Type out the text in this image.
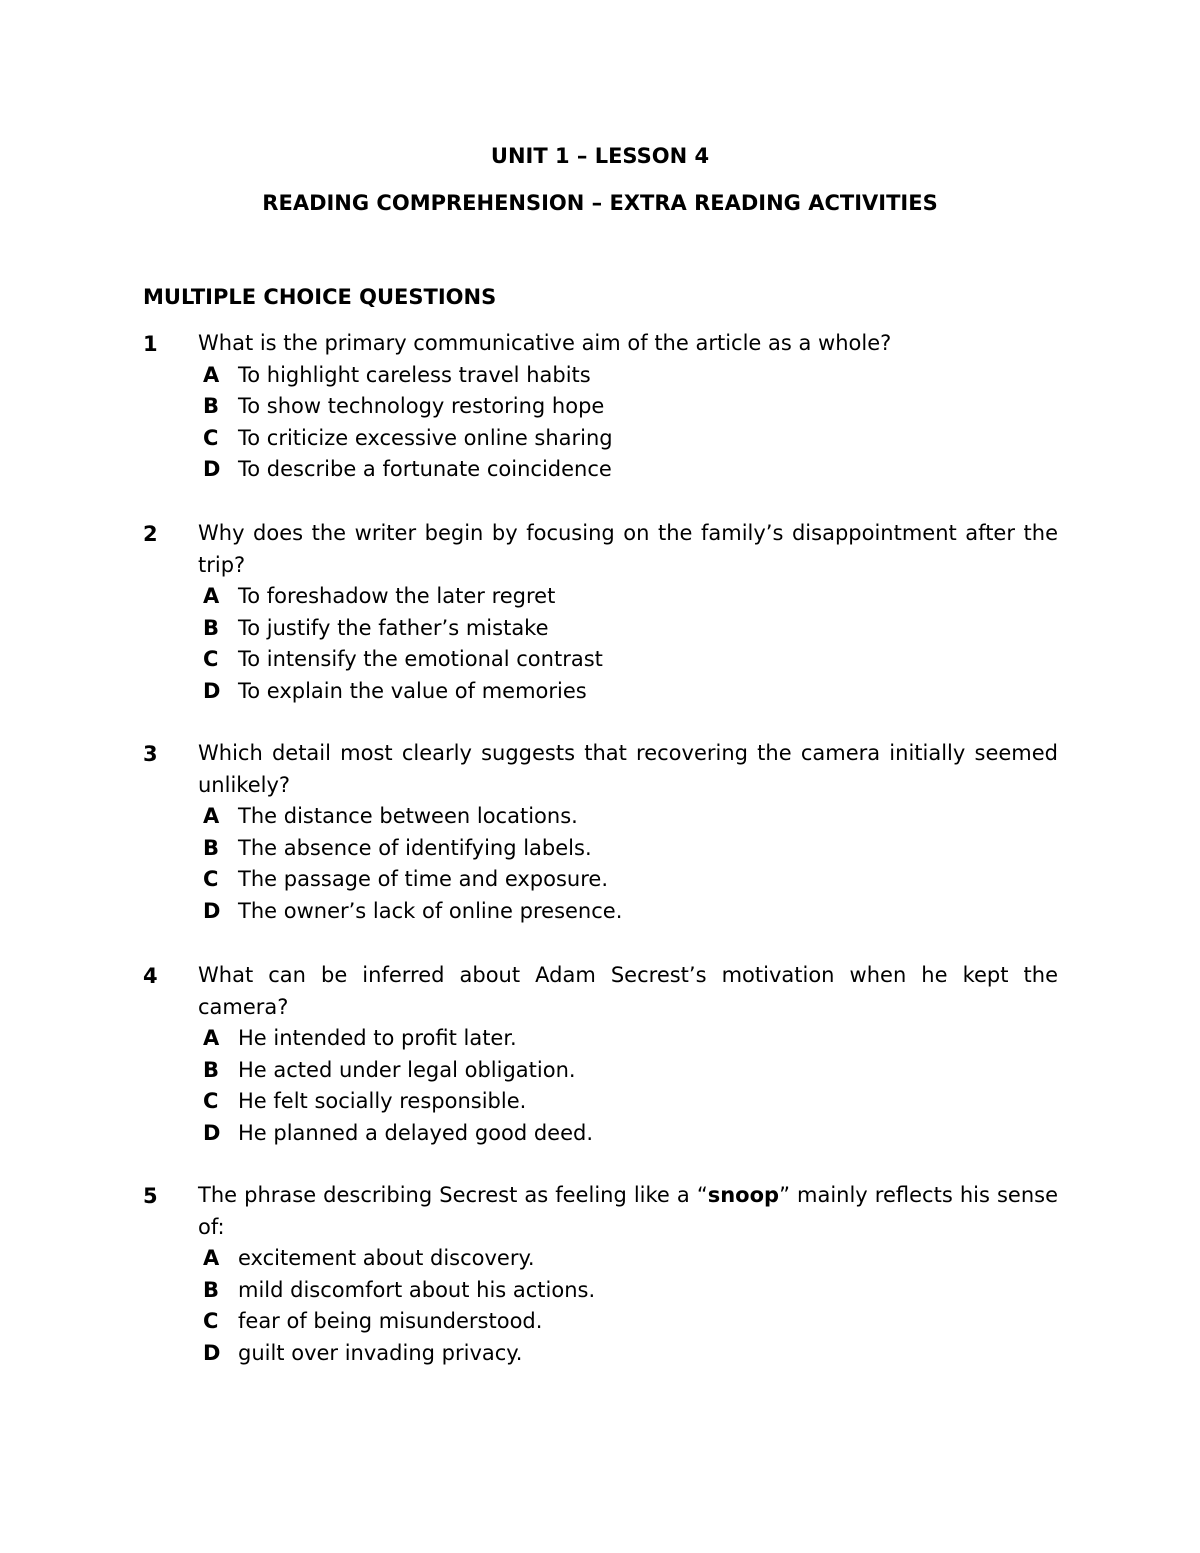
UNIT 1 – LESSON 4
READING COMPREHENSION – EXTRA READING ACTIVITIES
MULTIPLE CHOICE QUESTIONS
1 What is the primary communicative aim of the article as a whole?
A To highlight careless travel habits
B To show technology restoring hope
C To criticize excessive online sharing
D To describe a fortunate coincidence
2 Why does the writer begin by focusing on the family’s disappointment after the trip?
A To foreshadow the later regret
B To justify the father’s mistake
C To intensify the emotional contrast
D To explain the value of memories
3 Which detail most clearly suggests that recovering the camera initially seemed unlikely?
A The distance between locations.
B The absence of identifying labels.
C The passage of time and exposure.
D The owner’s lack of online presence.
4 What can be inferred about Adam Secrest’s motivation when he kept the camera?
A He intended to profit later.
B He acted under legal obligation.
C He felt socially responsible.
D He planned a delayed good deed.
5 The phrase describing Secrest as feeling like a “snoop” mainly reflects his sense of:
A excitement about discovery.
B mild discomfort about his actions.
C fear of being misunderstood.
D guilt over invading privacy.
